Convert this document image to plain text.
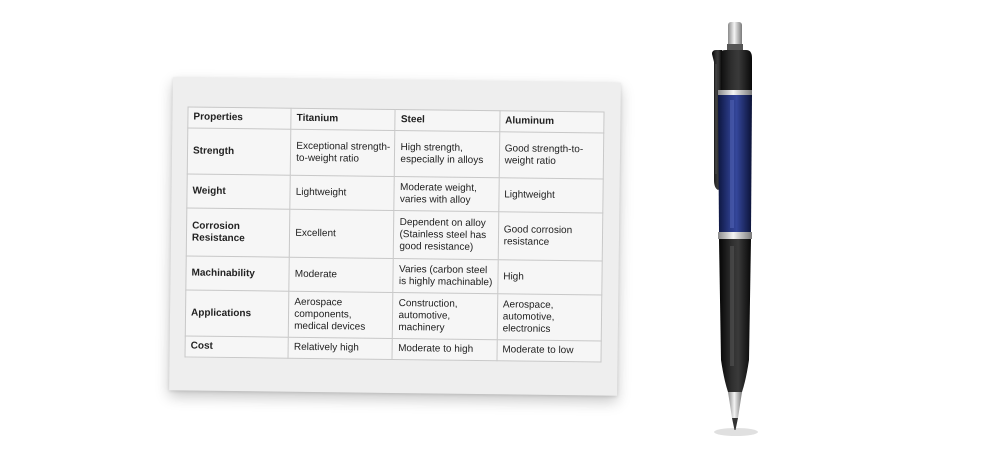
Properties	Titanium	Steel	Aluminum
Strength	Exceptional strength-to-weight ratio	High strength, especially in alloys	Good strength-to-weight ratio
Weight	Lightweight	Moderate weight, varies with alloy	Lightweight
Corrosion Resistance	Excellent	Dependent on alloy (Stainless steel has good resistance)	Good corrosion resistance
Machinability	Moderate	Varies (carbon steel is highly machinable)	High
Applications	Aerospace components, medical devices	Construction, automotive, machinery	Aerospace, automotive, electronics
Cost	Relatively high	Moderate to high	Moderate to low
